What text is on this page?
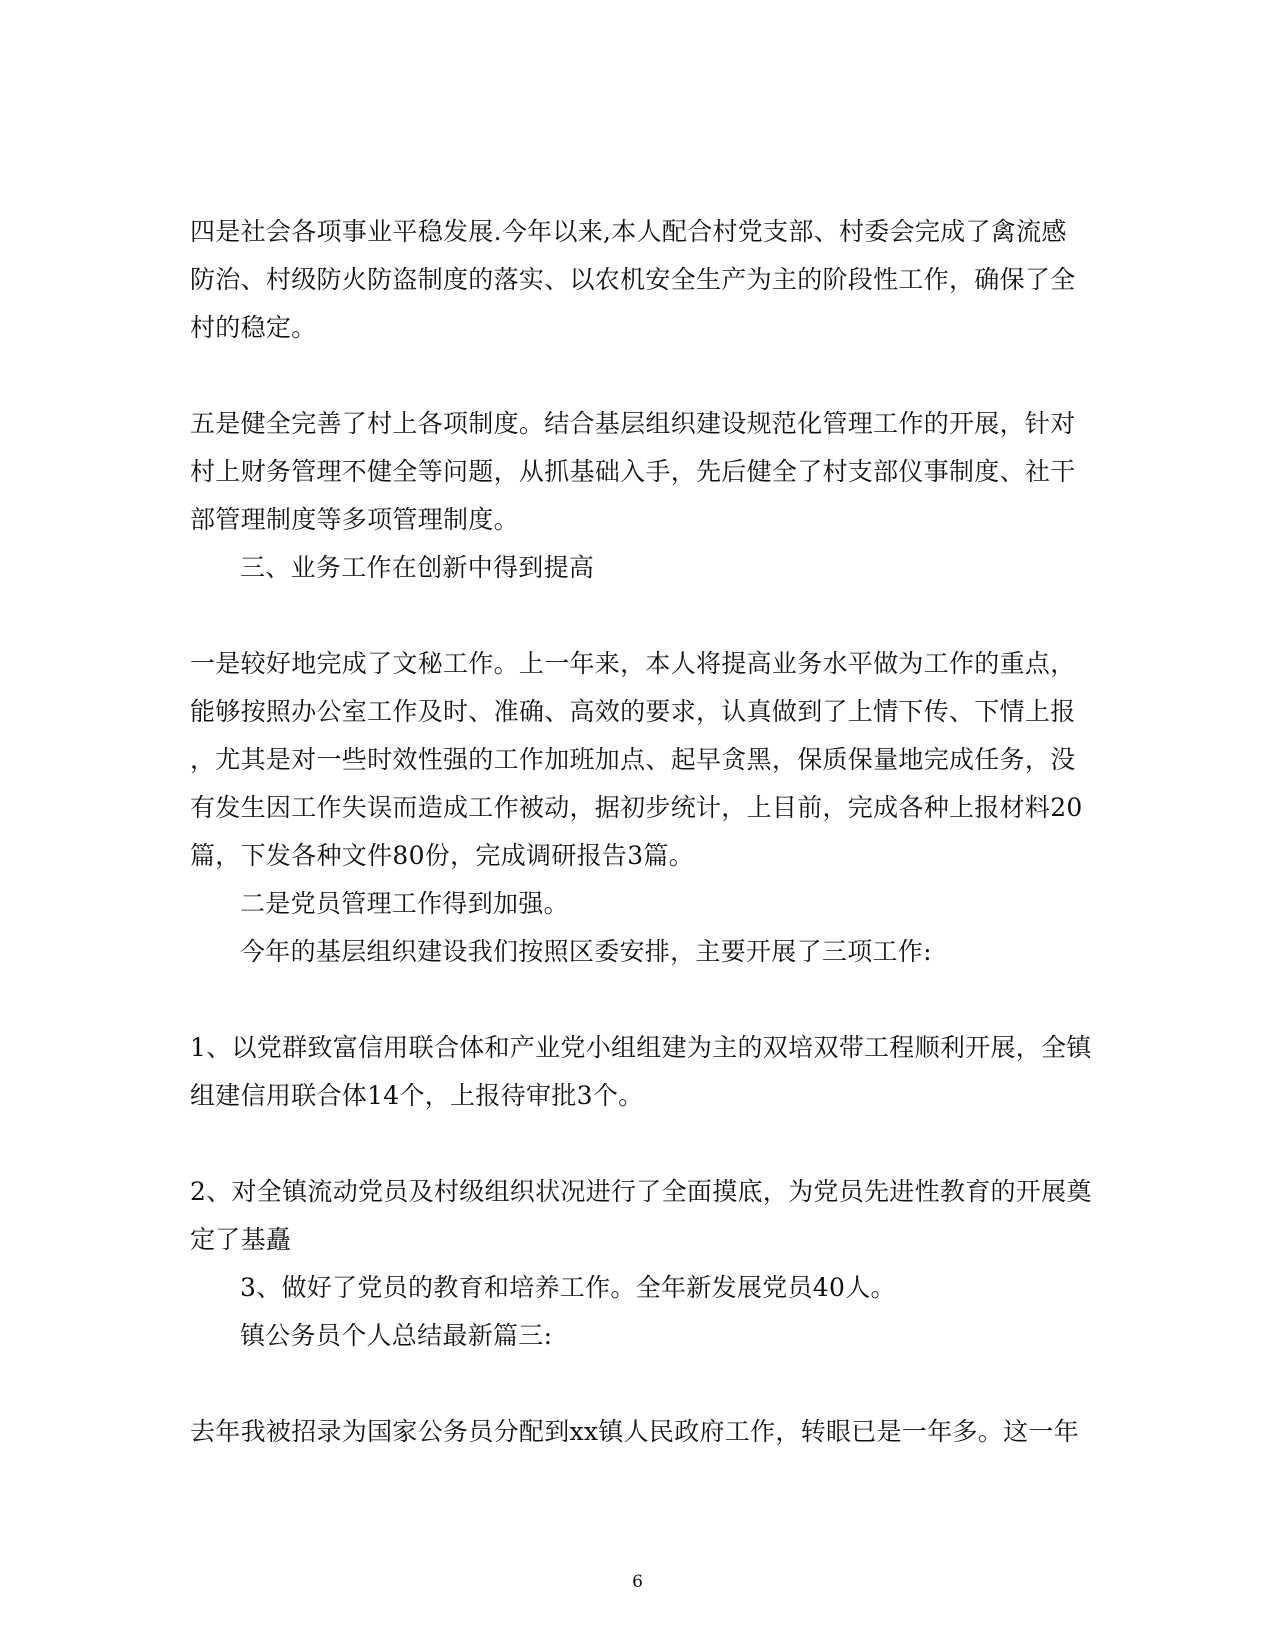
四是社会各项事业平稳发展.今年以来,本人配合村党支部、村委会完成了禽流感
防治、村级防火防盗制度的落实、以农机安全生产为主的阶段性工作，确保了全
村的稳定。
五是健全完善了村上各项制度。结合基层组织建设规范化管理工作的开展，针对
村上财务管理不健全等问题，从抓基础入手，先后健全了村支部仪事制度、社干
部管理制度等多项管理制度。
三、业务工作在创新中得到提高
一是较好地完成了文秘工作。上一年来，本人将提高业务水平做为工作的重点，
能够按照办公室工作及时、准确、高效的要求，认真做到了上情下传、下情上报
，尤其是对一些时效性强的工作加班加点、起早贪黑，保质保量地完成任务，没
有发生因工作失误而造成工作被动，据初步统计，上目前，完成各种上报材料20
篇，下发各种文件80份，完成调研报告3篇。
二是党员管理工作得到加强。
今年的基层组织建设我们按照区委安排，主要开展了三项工作:
1、以党群致富信用联合体和产业党小组组建为主的双培双带工程顺利开展，全镇
组建信用联合体14个，上报待审批3个。
2、对全镇流动党员及村级组织状况进行了全面摸底，为党员先进性教育的开展奠
定了基矗
3、做好了党员的教育和培养工作。全年新发展党员40人。
镇公务员个人总结最新篇三:
去年我被招录为国家公务员分配到xx镇人民政府工作，转眼已是一年多。这一年
6
